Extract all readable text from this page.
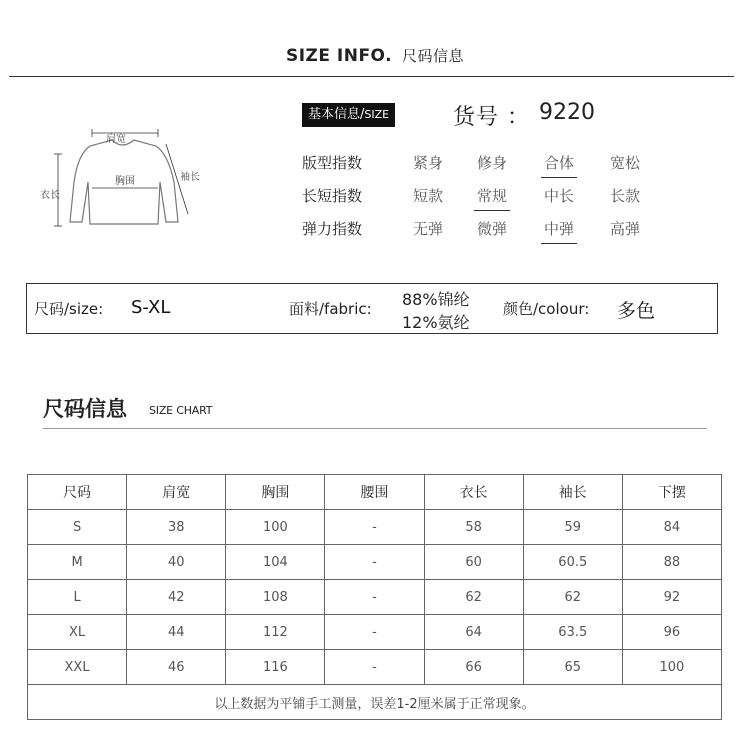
SIZE INFO. 尺码信息
肩宽
胸围
衣长
袖长
基本信息/SIZE	货号 ： 9220
版型指数	紧身	修身	合体	宽松
长短指数	短款	常规	中长	长款
弹力指数	无弹	微弹	中弹	高弹
尺码/size: S-XL	面料/fabric: 88%锦纶
12%氨纶
颜色/colour: 多色
尺码信息 SIZE CHART
尺码	肩宽	胸围	腰围	衣长	袖长	下摆
S	38	100	-	58	59	84
M	40	104	-	60	60.5	88
L	42	108	-	62	62	92
XL	44	112	-	64	63.5	96
XXL	46	116	-	66	65	100
以上数据为平铺手工测量，误差1-2厘米属于正常现象。						
